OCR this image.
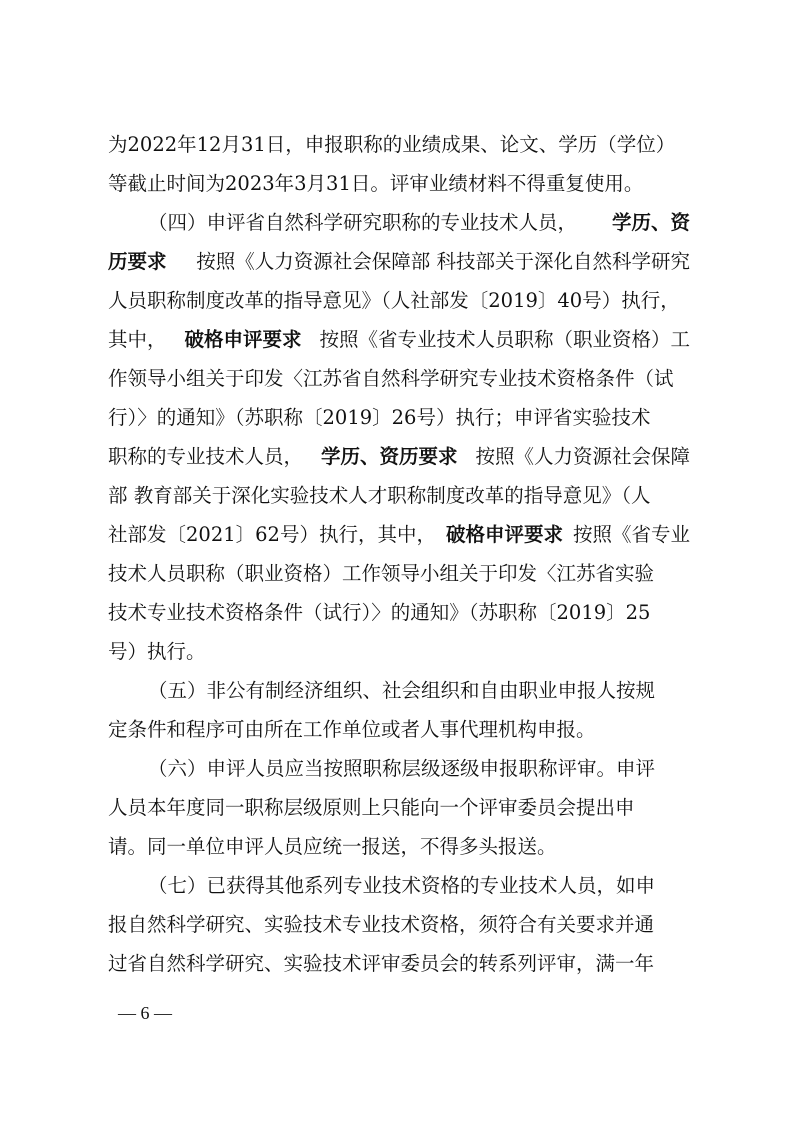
为2022年12月31日，申报职称的业绩成果、论文、学历（学位）
等截止时间为2023年3月31日。评审业绩材料不得重复使用。
（四）申评省自然科学研究职称的专业技术人员， 学历、资
历要求 按照《人力资源社会保障部 科技部关于深化自然科学研究
人员职称制度改革的指导意见》（人社部发〔2019〕40号）执行，
其中， 破格申评要求 按照《省专业技术人员职称（职业资格）工
作领导小组关于印发〈江苏省自然科学研究专业技术资格条件（试
行）〉的通知》（苏职称〔2019〕26号）执行；申评省实验技术
职称的专业技术人员， 学历、资历要求 按照《人力资源社会保障
部 教育部关于深化实验技术人才职称制度改革的指导意见》（人
社部发〔2021〕62号）执行，其中， 破格申评要求 按照《省专业
技术人员职称（职业资格）工作领导小组关于印发〈江苏省实验
技术专业技术资格条件（试行）〉的通知》（苏职称〔2019〕25
号）执行。
（五）非公有制经济组织、社会组织和自由职业申报人按规
定条件和程序可由所在工作单位或者人事代理机构申报。
（六）申评人员应当按照职称层级逐级申报职称评审。申评
人员本年度同一职称层级原则上只能向一个评审委员会提出申
请。同一单位申评人员应统一报送，不得多头报送。
（七）已获得其他系列专业技术资格的专业技术人员，如申
报自然科学研究、实验技术专业技术资格，须符合有关要求并通
过省自然科学研究、实验技术评审委员会的转系列评审，满一年
— 6 —
